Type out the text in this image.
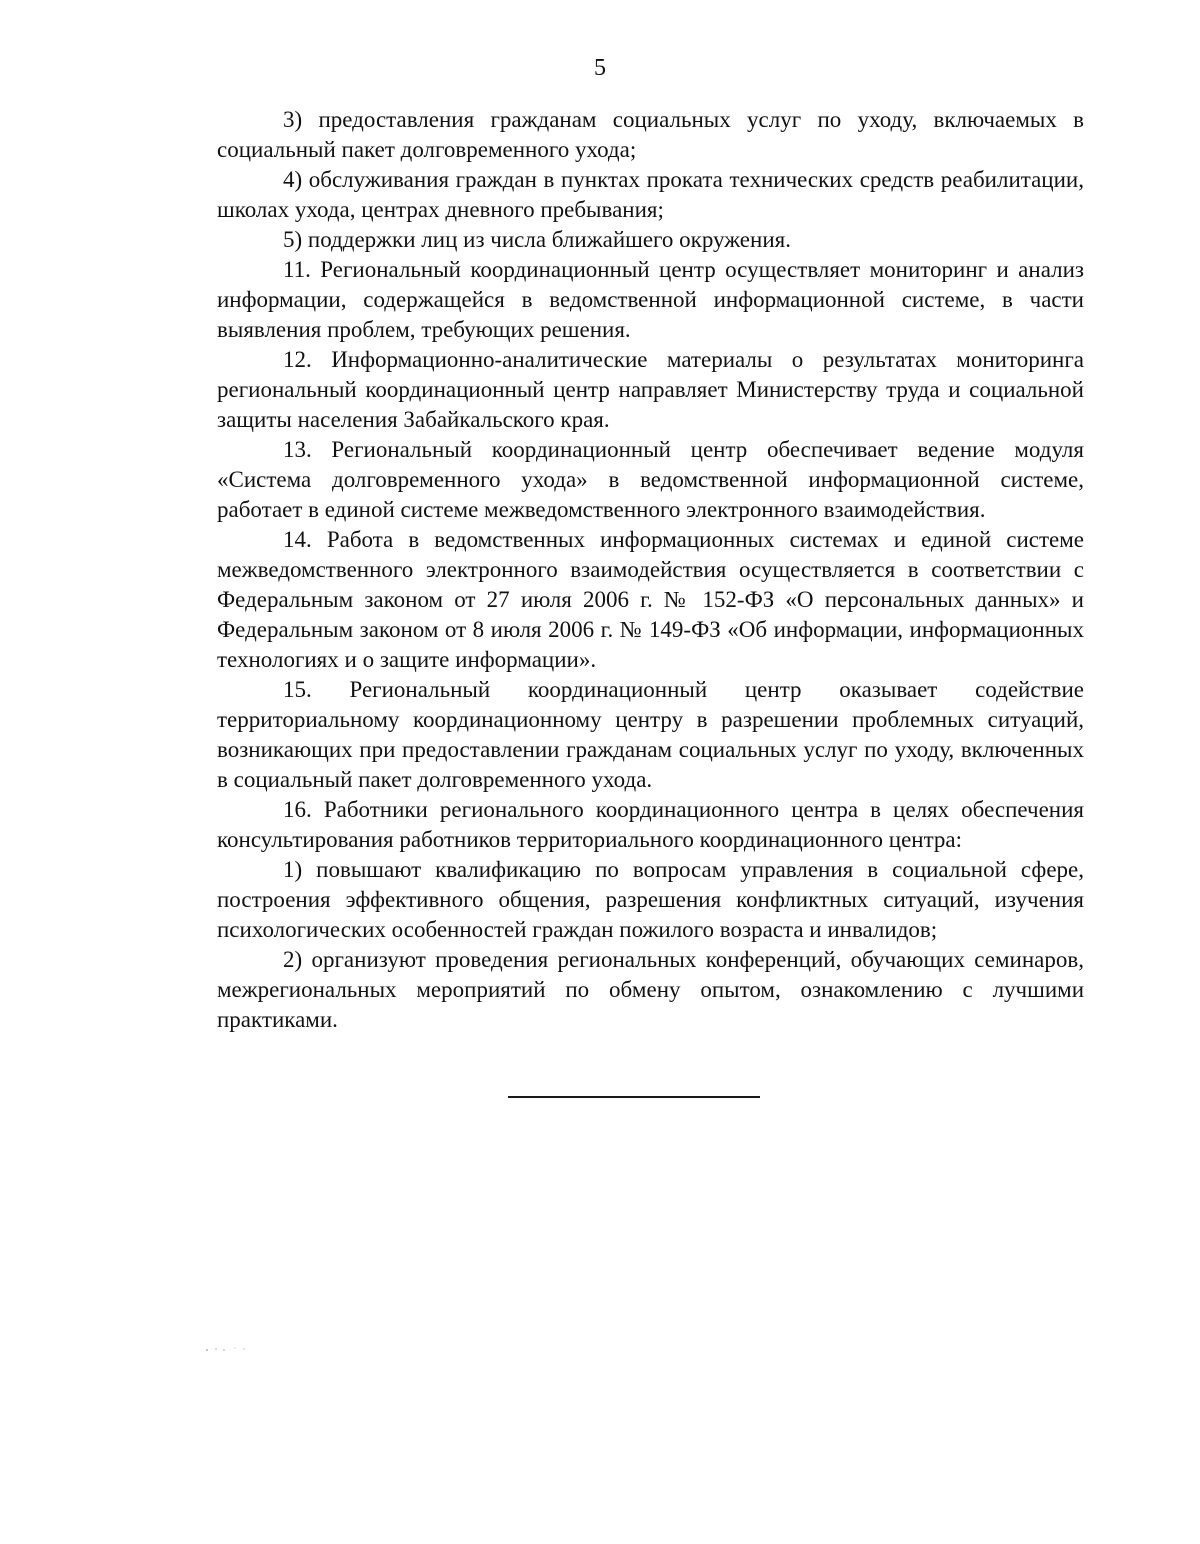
5

3) предоставления гражданам социальных услуг по уходу, включаемых в социальный пакет долговременного ухода;

4) обслуживания граждан в пунктах проката технических средств реабилитации, школах ухода, центрах дневного пребывания;

5) поддержки лиц из числа ближайшего окружения.

11. Региональный координационный центр осуществляет мониторинг и анализ информации, содержащейся в ведомственной информационной системе, в части выявления проблем, требующих решения.

12. Информационно-аналитические материалы о результатах мониторинга региональный координационный центр направляет Министерству труда и социальной защиты населения Забайкальского края.

13. Региональный координационный центр обеспечивает ведение модуля «Система долговременного ухода» в ведомственной информационной системе, работает в единой системе межведомственного электронного взаимодействия.

14. Работа в ведомственных информационных системах и единой системе межведомственного электронного взаимодействия осуществляется в соответствии с Федеральным законом от 27 июля 2006 г. № 152-ФЗ «О персональных данных» и Федеральным законом от 8 июля 2006 г. № 149-ФЗ «Об информации, информационных технологиях и о защите информации».

15. Региональный координационный центр оказывает содействие территориальному координационному центру в разрешении проблемных ситуаций, возникающих при предоставлении гражданам социальных услуг по уходу, включенных в социальный пакет долговременного ухода.

16. Работники регионального координационного центра в целях обеспечения консультирования работников территориального координационного центра:

1) повышают квалификацию по вопросам управления в социальной сфере, построения эффективного общения, разрешения конфликтных ситуаций, изучения психологических особенностей граждан пожилого возраста и инвалидов;

2) организуют проведения региональных конференций, обучающих семинаров, межрегиональных мероприятий по обмену опытом, ознакомлению с лучшими практиками.
